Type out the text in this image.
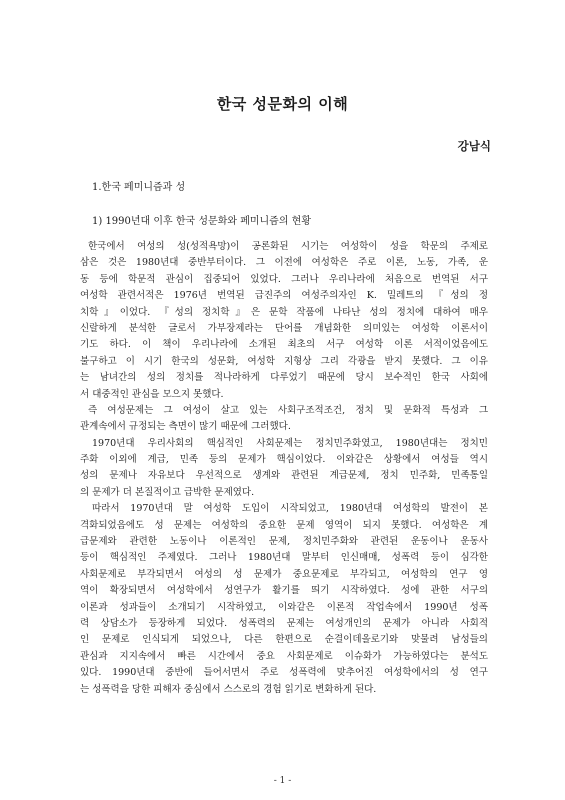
한국 성문화의 이해
강남식
1.한국 페미니즘과 성
1) 1990년대 이후 한국 성문화와 페미니즘의 현황
한국에서 여성의 성(성적욕망)이 공론화된 시기는 여성학이 성을 학문의 주제로
삼은 것은 1980년대 중반부터이다. 그 이전에 여성학은 주로 이론, 노동, 가족, 운
동 등에 학문적 관심이 집중되어 있었다. 그러나 우리나라에 처음으로 번역된 서구
여성학 관련서적은 1976년 번역된 급진주의 여성주의자인 K. 밀레트의 『성의 정
치학』이었다. 『성의 정치학』은 문학 작품에 나타난 성의 정치에 대하여 매우
신랄하게 분석한 글로서 가부장제라는 단어를 개념화한 의미있는 여성학 이론서이
기도 하다. 이 책이 우리나라에 소개된 최초의 서구 여성학 이론 서적이었음에도
불구하고 이 시기 한국의 성문화, 여성학 지형상 그리 각광을 받지 못했다. 그 이유
는 남녀간의 성의 정치를 적나라하게 다루었기 때문에 당시 보수적인 한국 사회에
서 대중적인 관심을 모으지 못했다.
즉 여성문제는 그 여성이 살고 있는 사회구조적조건, 정치 및 문화적 특성과 그
관계속에서 규정되는 측면이 많기 때문에 그러했다.
1970년대 우리사회의 핵심적인 사회문제는 정치민주화였고, 1980년대는 정치민
주화 이외에 계급, 민족 등의 문제가 핵심이었다. 이와같은 상황에서 여성들 역시
성의 문제나 자유보다 우선적으로 생계와 관련된 계급문제, 정치 민주화, 민족통일
의 문제가 더 본질적이고 급박한 문제였다.
따라서 1970년대 말 여성학 도입이 시작되었고, 1980년대 여성학의 발전이 본
격화되었음에도 성 문제는 여성학의 중요한 문제 영역이 되지 못했다. 여성학은 계
급문제와 관련한 노동이나 이론적인 문제, 정치민주화와 관련된 운동이나 운동사
등이 핵심적인 주제였다. 그러나 1980년대 말부터 인신매매, 성폭력 등이 심각한
사회문제로 부각되면서 여성의 성 문제가 중요문제로 부각되고, 여성학의 연구 영
역이 확장되면서 여성학에서 성연구가 활기를 띄기 시작하였다. 성에 관한 서구의
이론과 성과들이 소개되기 시작하였고, 이와같은 이론적 작업속에서 1990년 성폭
력 상담소가 등장하게 되었다. 성폭력의 문제는 여성개인의 문제가 아니라 사회적
인 문제로 인식되게 되었으나, 다른 한편으로 순결이데올로기와 맞물려 남성들의
관심과 지지속에서 빠른 시간에서 중요 사회문제로 이슈화가 가능하였다는 분석도
있다. 1990년대 중반에 들어서면서 주로 성폭력에 맞추어진 여성학에서의 성 연구
는 성폭력을 당한 피해자 중심에서 스스로의 경험 읽기로 변화하게 된다.
- 1 -
